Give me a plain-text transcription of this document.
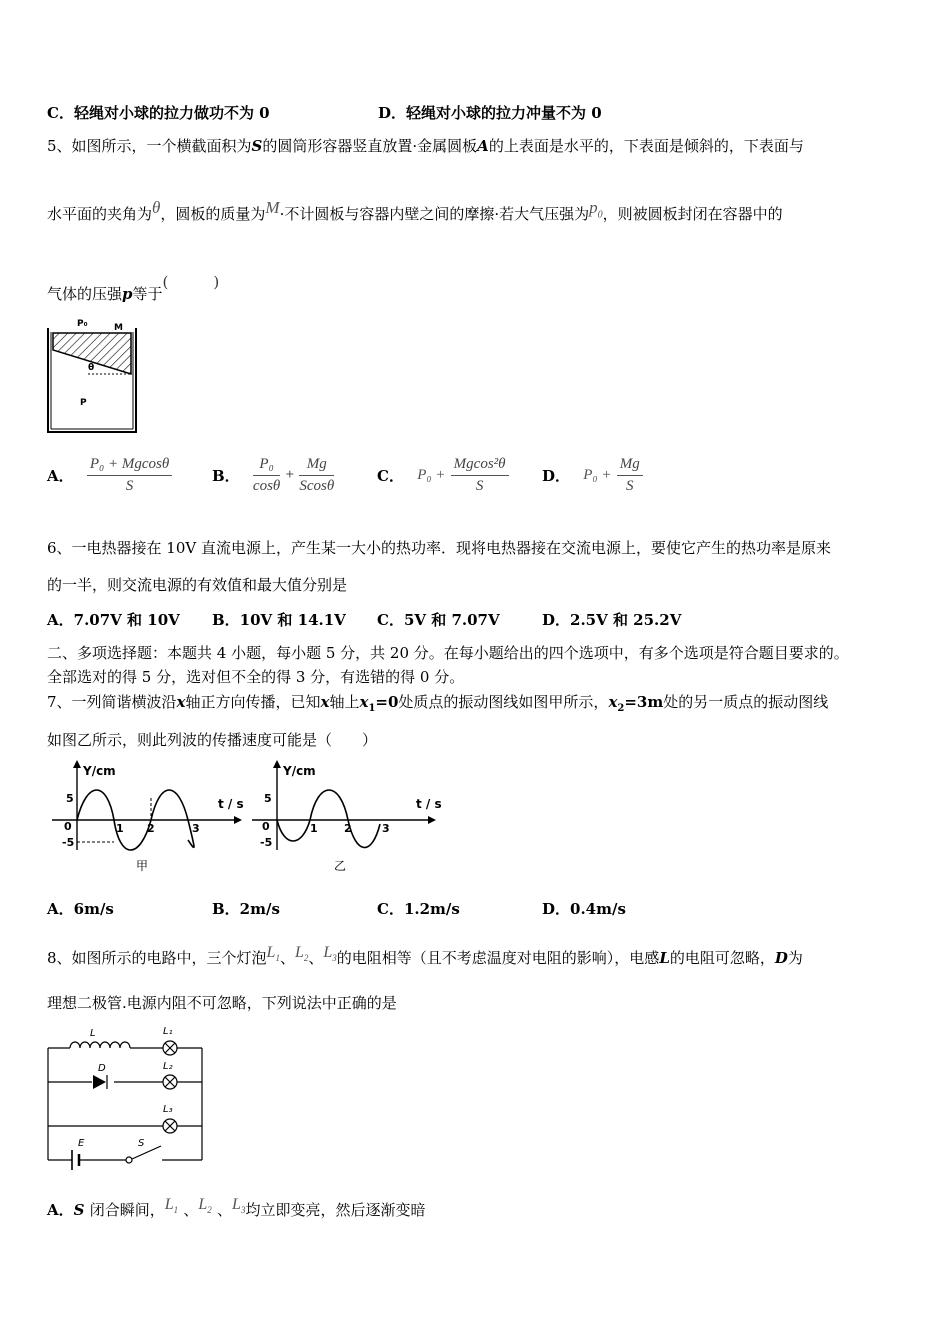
C．轻绳对小球的拉力做功不为 0	D．轻绳对小球的拉力冲量不为 0
5、如图所示，一个横截面积为S的圆筒形容器竖直放置·金属圆板A的上表面是水平的，下表面是倾斜的，下表面与
水平面的夹角为θ，圆板的质量为M·不计圆板与容器内壁之间的摩擦·若大气压强为$p_0$，则被圆板封闭在容器中的
气体的压强p等于(　　　)
P₀	M
θ
P
A． $\frac{\text{P₀ + Mgcosθ}}{S}$	B． $\frac{\text{P₀}}{\cos\theta} + \frac{Mg}{Scos\theta}$	C． $P_0 + \frac{\text{Mgcos²θ}}{S}$ D． $P_0 + \frac{Mg}{S}$
6、一电热器接在 10V 直流电源上，产生某一大小的热功率．现将电热器接在交流电源上，要使它产生的热功率是原来
的一半，则交流电源的有效值和最大值分别是
A．7.07V 和 10V B．10V 和 14.1V C．5V 和 7.07V	D．2.5V 和 25.2V
二、多项选择题：本题共 4 小题，每小题 5 分，共 20 分。在每小题给出的四个选项中，有多个选项是符合题目要求的。
全部选对的得 5 分，选对但不全的得 3 分，有选错的得 0 分。
7、一列简谐横波沿x轴正方向传播，已知x轴上$x_1=0$处质点的振动图线如图甲所示，$x_2=3m$处的另一质点的振动图线
如图乙所示，则此列波的传播速度可能是（　　）
Y/cm
t / s
5
-5
0	1 2	3
甲
Y/cm
t / s
5
-5
0	1 2	3
乙
A．6m/s	B．2m/s	C．1.2m/s	D．0.4m/s
8、如图所示的电路中，三个灯泡$L_1$、$L_2$、$L_3$的电阻相等（且不考虑温度对电阻的影响），电感L的电阻可忽略，D为
理想二极管.电源内阻不可忽略，下列说法中正确的是
L	L₁
D	L₂
L₃
E	S
A．S 闭合瞬间，$L_1$ 、$L_2$ 、$L_3$均立即变亮，然后逐渐变暗
